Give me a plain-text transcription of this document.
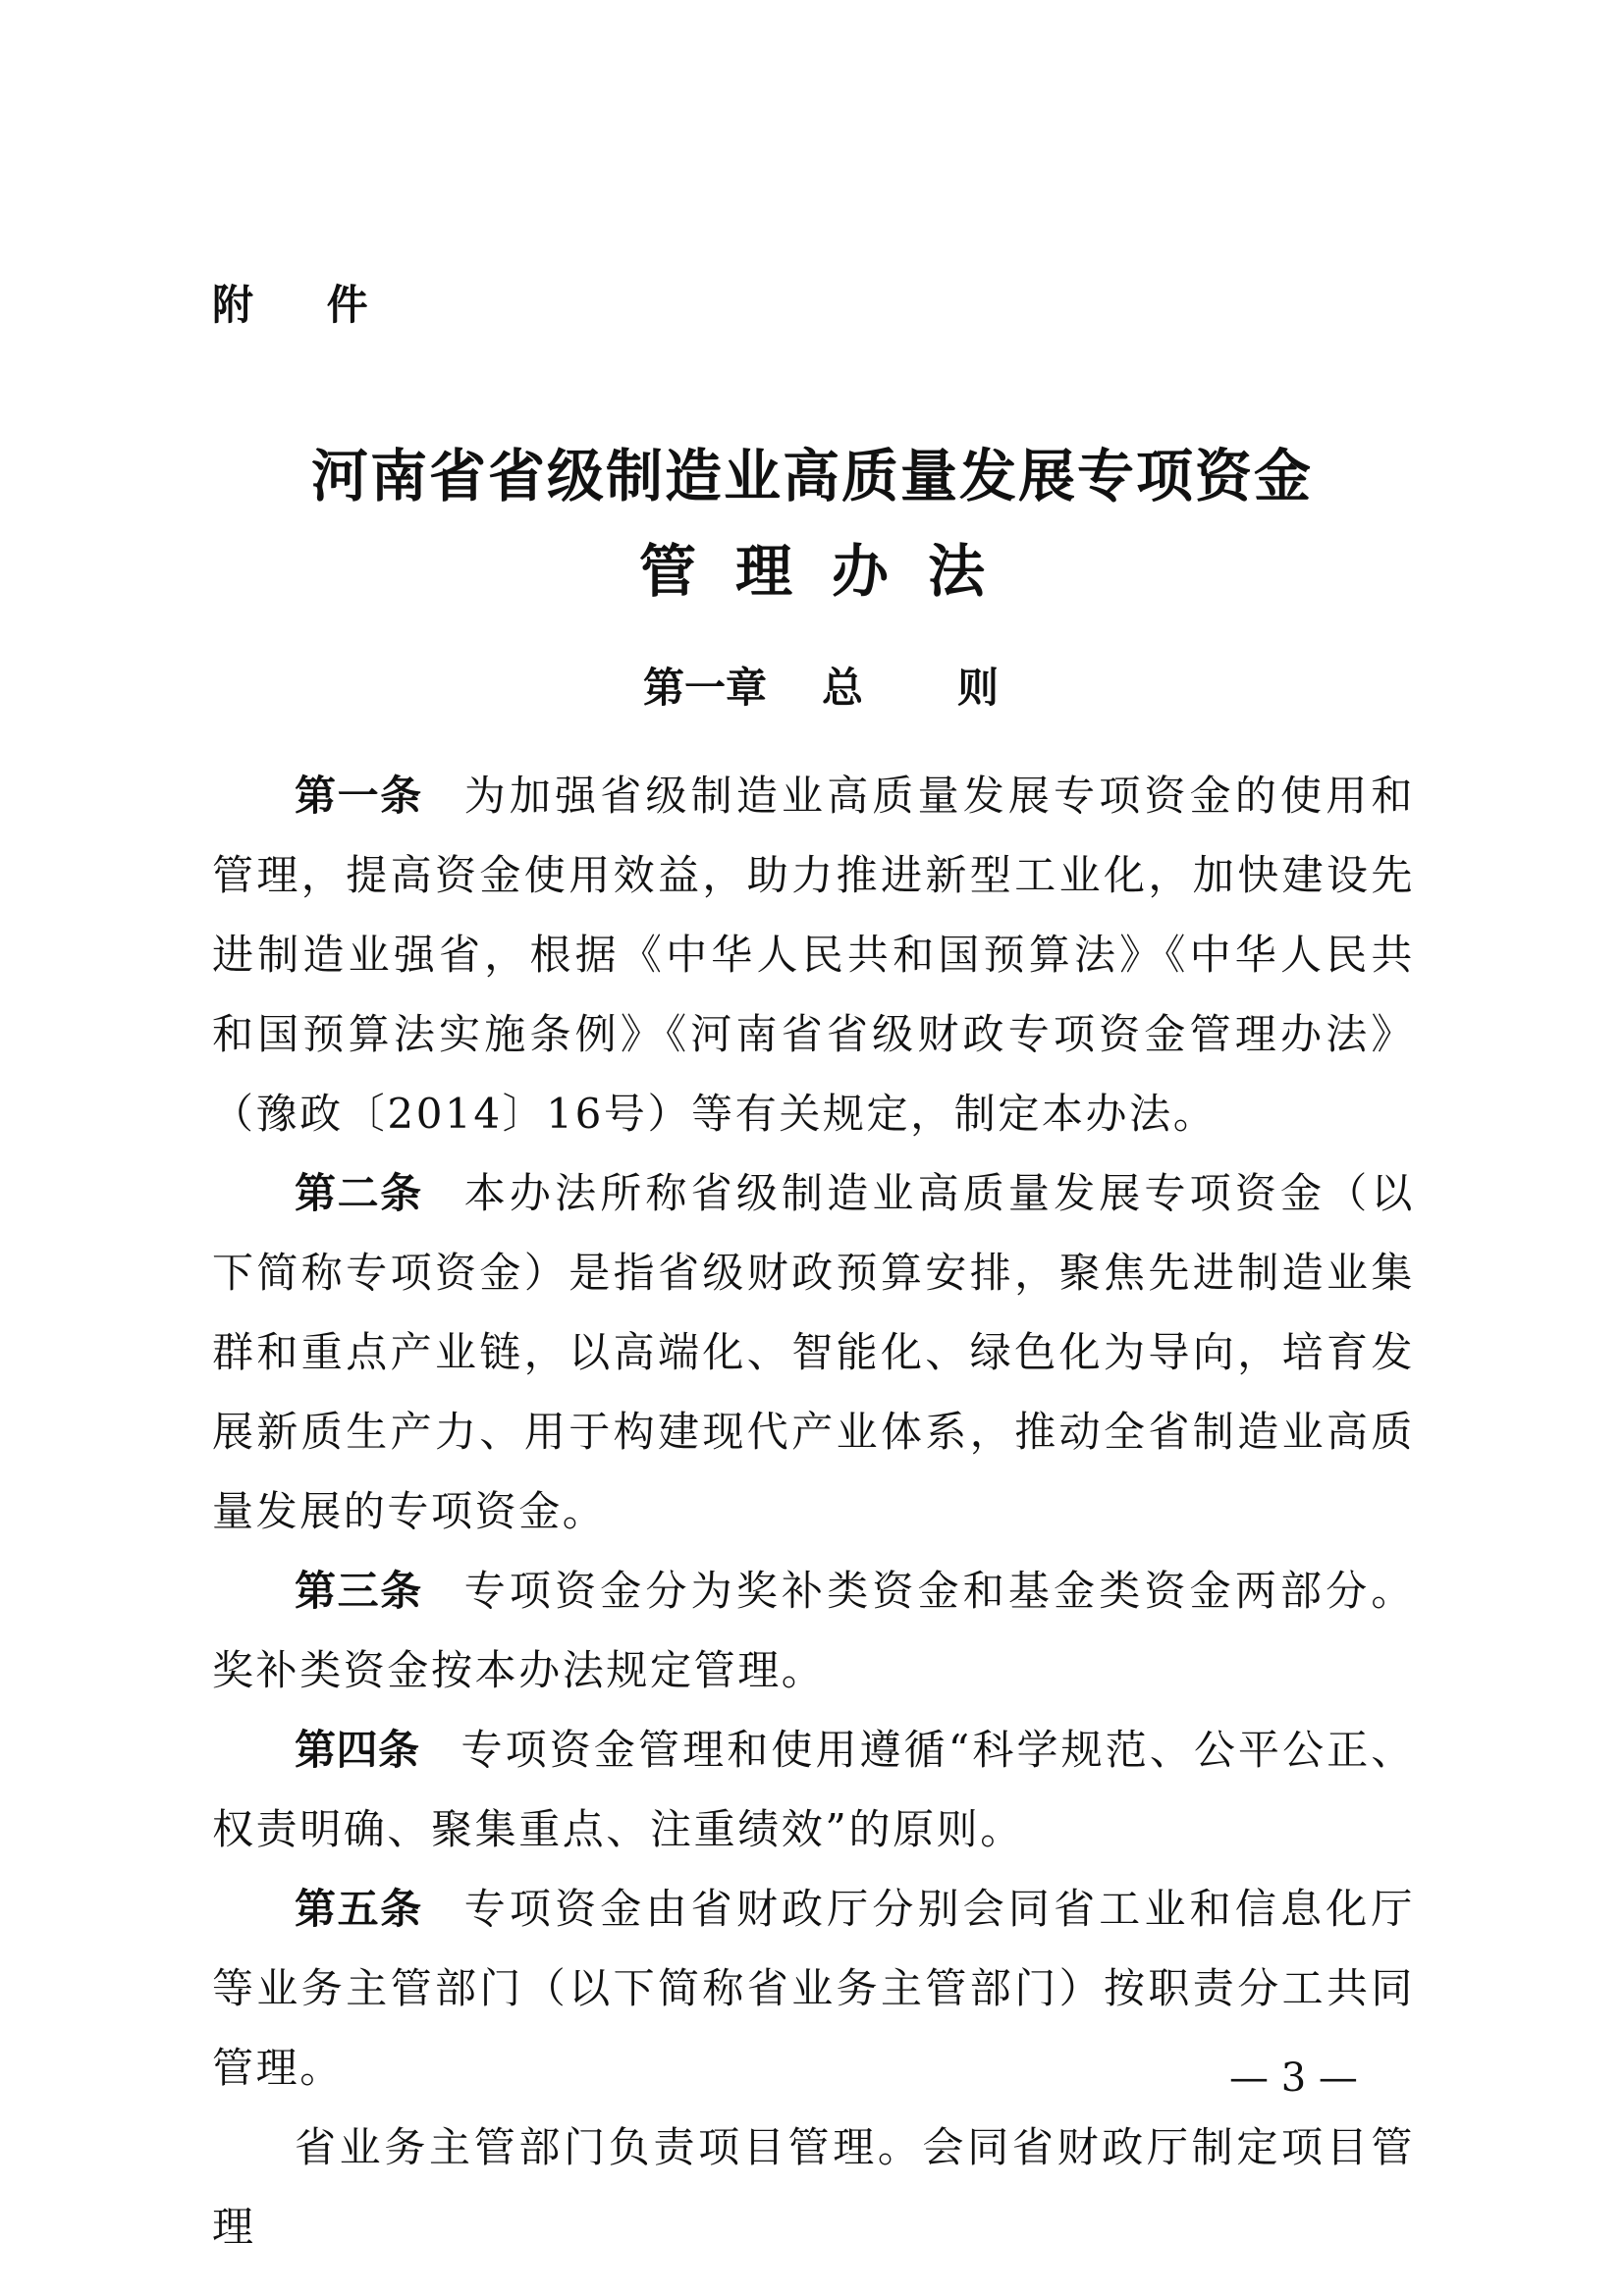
附 件
河南省省级制造业高质量发展专项资金
管理办法
第一章 总 则

第一条 为加强省级制造业高质量发展专项资金的使用和管理，提高资金使用效益，助力推进新型工业化，加快建设先进制造业强省，根据《中华人民共和国预算法》《中华人民共和国预算法实施条例》《河南省省级财政专项资金管理办法》（豫政〔2014〕16号）等有关规定，制定本办法。

第二条 本办法所称省级制造业高质量发展专项资金（以下简称专项资金）是指省级财政预算安排，聚焦先进制造业集群和重点产业链，以高端化、智能化、绿色化为导向，培育发展新质生产力、用于构建现代产业体系，推动全省制造业高质量发展的专项资金。

第三条 专项资金分为奖补类资金和基金类资金两部分。奖补类资金按本办法规定管理。

第四条 专项资金管理和使用遵循“科学规范、公平公正、权责明确、聚集重点、注重绩效”的原则。

第五条 专项资金由省财政厅分别会同省工业和信息化厅等业务主管部门（以下简称省业务主管部门）按职责分工共同管理。

省业务主管部门负责项目管理。会同省财政厅制定项目管理

— 3 —
